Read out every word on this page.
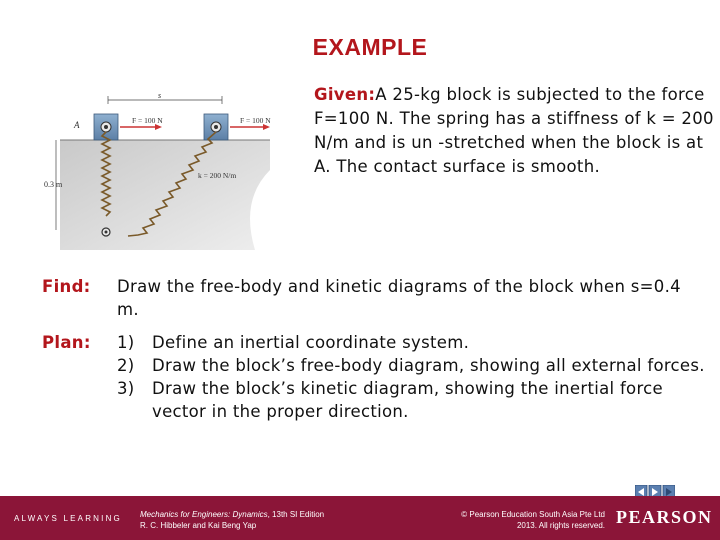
EXAMPLE
0.3 m
s
A	F = 100 N	F = 100 N
k = 200 N/m
Given:A 25-kg block is subjected to the force F=100 N. The spring has a stiffness of k = 200 N/m and is un -stretched when the block is at A. The contact surface is smooth.
Find: Draw the free-body and kinetic diagrams of the block when s=0.4 m.
Plan: 1) Define an inertial coordinate system.
2) Draw the block’s free-body diagram, showing all external forces.
3) Draw the block’s kinetic diagram, showing the inertial force vector in the proper direction.
ALWAYS LEARNING Mechanics for Engineers: Dynamics, 13th SI Edition
R. C. Hibbeler and Kai Beng Yap
© Pearson Education South Asia Pte Ltd
2013. All rights reserved. PEARSON
